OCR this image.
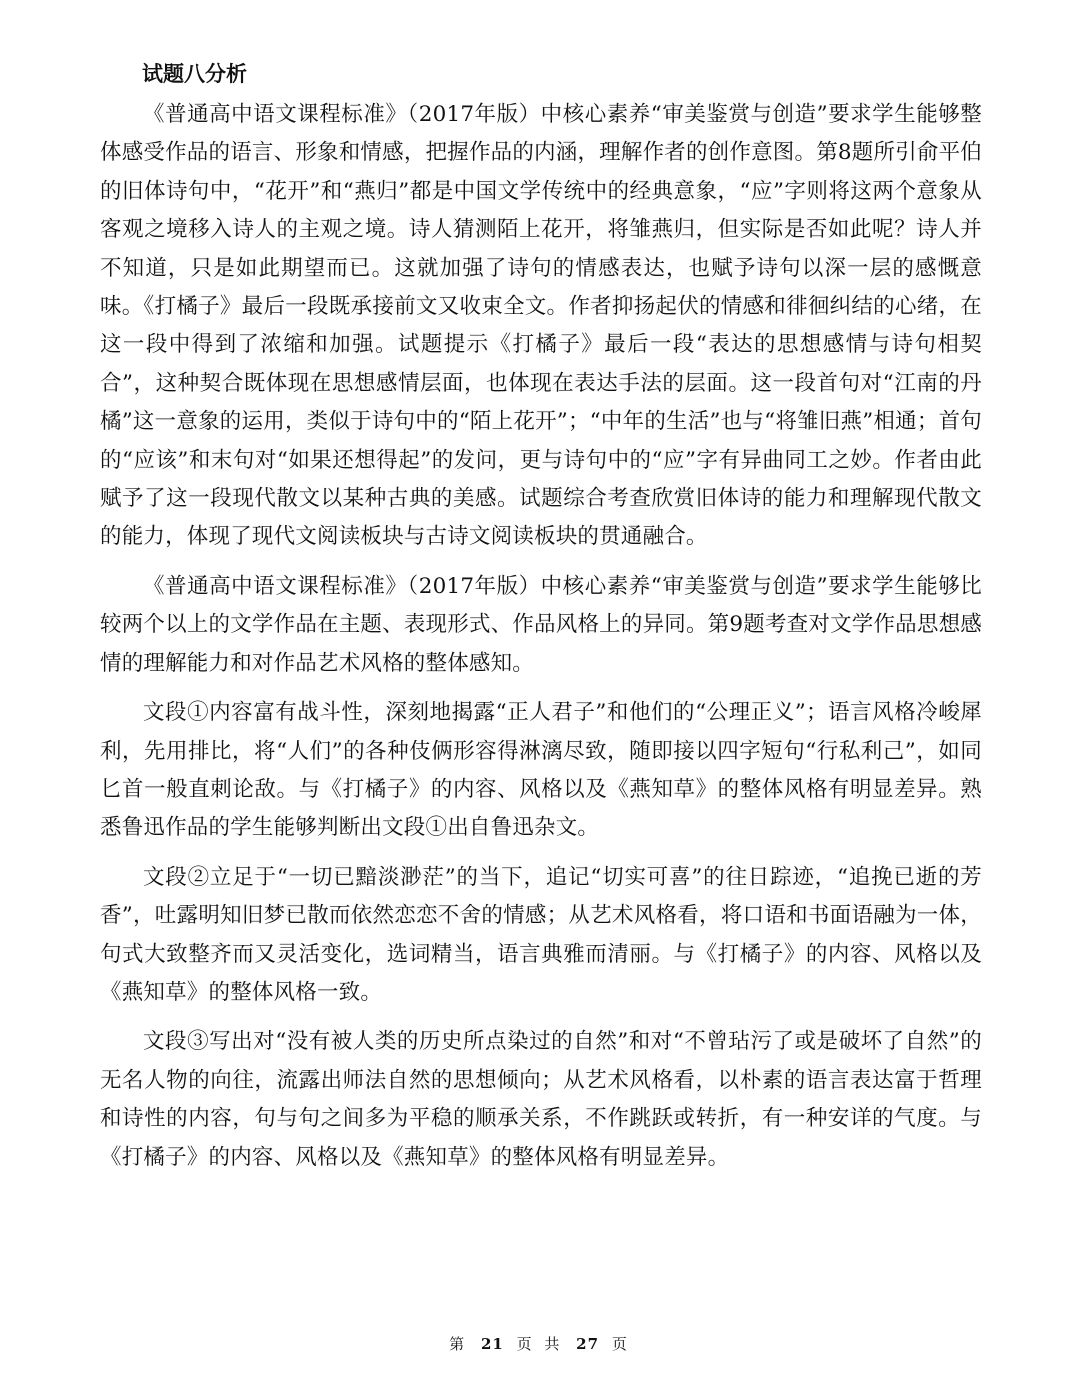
试题八分析

《普通高中语文课程标准》（2017年版）中核心素养“审美鉴赏与创造”要求学生能够整体感受作品的语言、形象和情感，把握作品的内涵，理解作者的创作意图。第8题所引俞平伯的旧体诗句中，“花开”和“燕归”都是中国文学传统中的经典意象，“应”字则将这两个意象从客观之境移入诗人的主观之境。诗人猜测陌上花开，将雏燕归，但实际是否如此呢？诗人并不知道，只是如此期望而已。这就加强了诗句的情感表达，也赋予诗句以深一层的感慨意味。《打橘子》最后一段既承接前文又收束全文。作者抑扬起伏的情感和徘徊纠结的心绪，在这一段中得到了浓缩和加强。试题提示《打橘子》最后一段“表达的思想感情与诗句相契合”，这种契合既体现在思想感情层面，也体现在表达手法的层面。这一段首句对“江南的丹橘”这一意象的运用，类似于诗句中的“陌上花开”；“中年的生活”也与“将雏旧燕”相通；首句的“应该”和末句对“如果还想得起”的发问，更与诗句中的“应”字有异曲同工之妙。作者由此赋予了这一段现代散文以某种古典的美感。试题综合考查欣赏旧体诗的能力和理解现代散文的能力，体现了现代文阅读板块与古诗文阅读板块的贯通融合。

《普通高中语文课程标准》（2017年版）中核心素养“审美鉴赏与创造”要求学生能够比较两个以上的文学作品在主题、表现形式、作品风格上的异同。第9题考查对文学作品思想感情的理解能力和对作品艺术风格的整体感知。

文段①内容富有战斗性，深刻地揭露“正人君子”和他们的“公理正义”；语言风格冷峻犀利，先用排比，将“人们”的各种伎俩形容得淋漓尽致，随即接以四字短句“行私利己”，如同匕首一般直刺论敌。与《打橘子》的内容、风格以及《燕知草》的整体风格有明显差异。熟悉鲁迅作品的学生能够判断出文段①出自鲁迅杂文。

文段②立足于“一切已黯淡渺茫”的当下，追记“切实可喜”的往日踪迹，“追挽已逝的芳香”，吐露明知旧梦已散而依然恋恋不舍的情感；从艺术风格看，将口语和书面语融为一体，句式大致整齐而又灵活变化，选词精当，语言典雅而清丽。与《打橘子》的内容、风格以及《燕知草》的整体风格一致。

文段③写出对“没有被人类的历史所点染过的自然”和对“不曾玷污了或是破坏了自然”的无名人物的向往，流露出师法自然的思想倾向；从艺术风格看，以朴素的语言表达富于哲理和诗性的内容，句与句之间多为平稳的顺承关系，不作跳跃或转折，有一种安详的气度。与《打橘子》的内容、风格以及《燕知草》的整体风格有明显差异。

第 21 页 共 27 页
